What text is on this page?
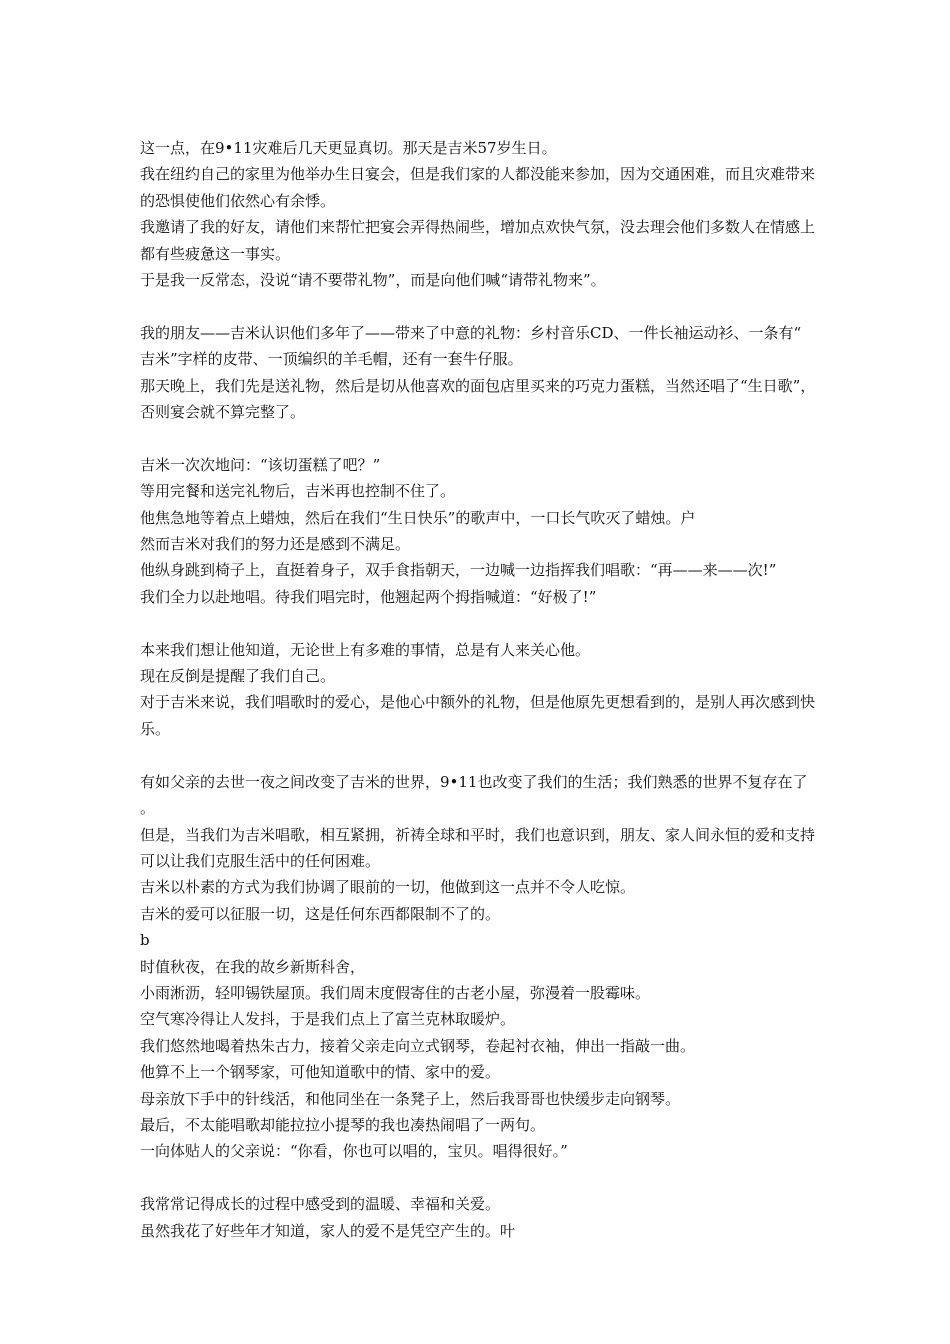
这一点，在9•11灾难后几天更显真切。那天是吉米57岁生日。

我在纽约自己的家里为他举办生日宴会，但是我们家的人都没能来参加，因为交通困难，而且灾难带来的恐惧使他们依然心有余悸。

我邀请了我的好友，请他们来帮忙把宴会弄得热闹些，增加点欢快气氛，没去理会他们多数人在情感上都有些疲惫这一事实。

于是我一反常态，没说“请不要带礼物”，而是向他们喊“请带礼物来”。

我的朋友——吉米认识他们多年了——带来了中意的礼物：乡村音乐CD、一件长袖运动衫、一条有“吉米”字样的皮带、一顶编织的羊毛帽，还有一套牛仔服。

那天晚上，我们先是送礼物，然后是切从他喜欢的面包店里买来的巧克力蛋糕，当然还唱了“生日歌”，否则宴会就不算完整了。

吉米一次次地问：“该切蛋糕了吧？”

等用完餐和送完礼物后，吉米再也控制不住了。

他焦急地等着点上蜡烛，然后在我们“生日快乐”的歌声中，一口长气吹灭了蜡烛。户

然而吉米对我们的努力还是感到不满足。

他纵身跳到椅子上，直挺着身子，双手食指朝天，一边喊一边指挥我们唱歌：“再——来——次!”

我们全力以赴地唱。待我们唱完时，他翘起两个拇指喊道：“好极了!”

本来我们想让他知道，无论世上有多难的事情，总是有人来关心他。

现在反倒是提醒了我们自己。

对于吉米来说，我们唱歌时的爱心，是他心中额外的礼物，但是他原先更想看到的，是别人再次感到快乐。

有如父亲的去世一夜之间改变了吉米的世界，9•11也改变了我们的生活；我们熟悉的世界不复存在了。

但是，当我们为吉米唱歌，相互紧拥，祈祷全球和平时，我们也意识到，朋友、家人间永恒的爱和支持可以让我们克服生活中的任何困难。

吉米以朴素的方式为我们协调了眼前的一切，他做到这一点并不令人吃惊。

吉米的爱可以征服一切，这是任何东西都限制不了的。

b

时值秋夜，在我的故乡新斯科舍，

小雨淅沥，轻叩锡铁屋顶。我们周末度假寄住的古老小屋，弥漫着一股霉味。

空气寒冷得让人发抖，于是我们点上了富兰克林取暖炉。

我们悠然地喝着热朱古力，接着父亲走向立式钢琴，卷起衬衣袖，伸出一指敲一曲。

他算不上一个钢琴家，可他知道歌中的情、家中的爱。

母亲放下手中的针线活，和他同坐在一条凳子上，然后我哥哥也快缓步走向钢琴。

最后，不太能唱歌却能拉拉小提琴的我也凑热闹唱了一两句。

一向体贴人的父亲说：“你看，你也可以唱的，宝贝。唱得很好。”

我常常记得成长的过程中感受到的温暖、幸福和关爱。

虽然我花了好些年才知道，家人的爱不是凭空产生的。叶
